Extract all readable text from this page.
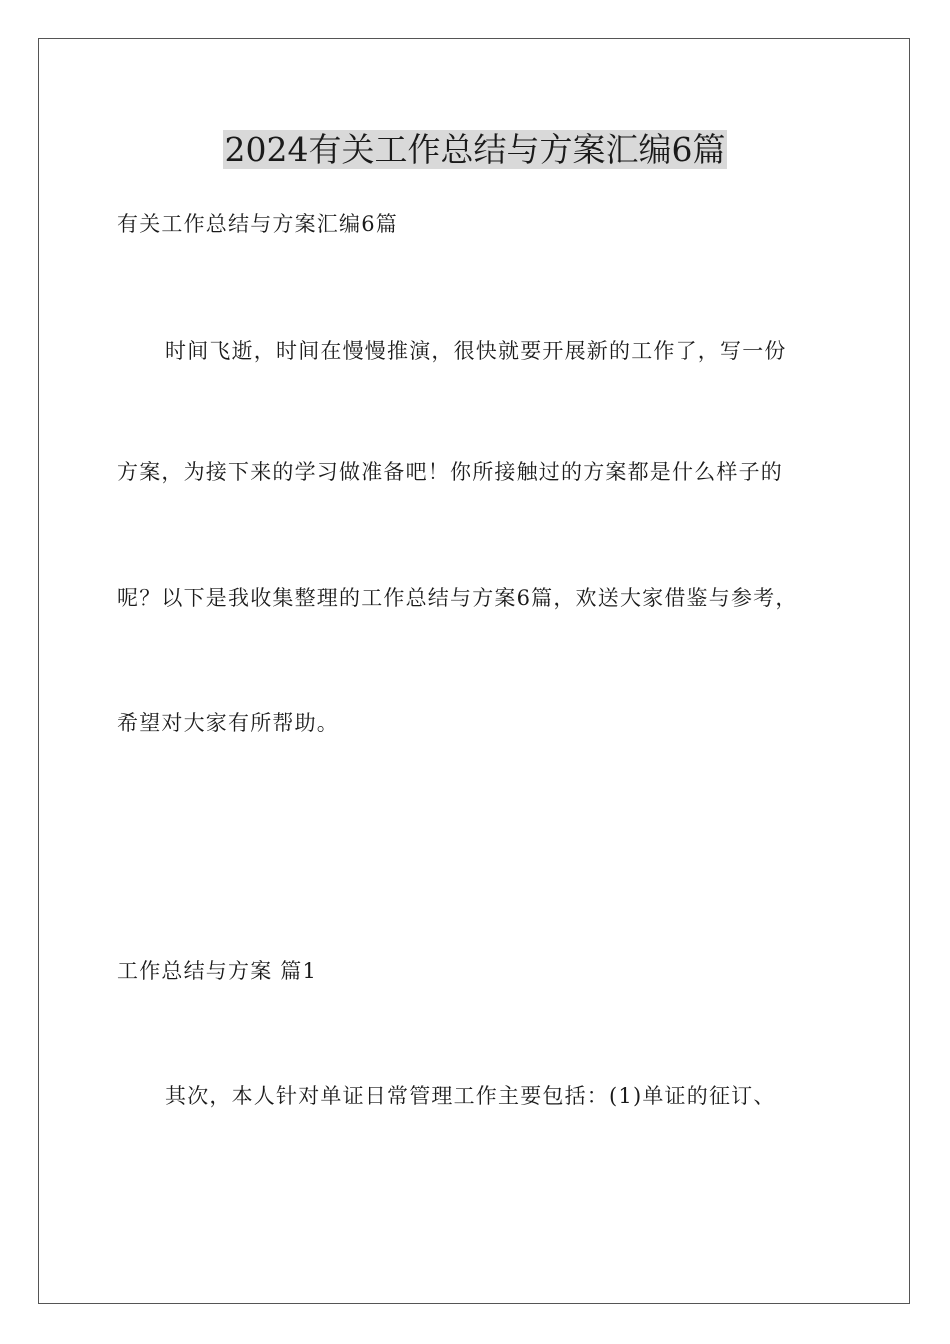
2024有关工作总结与方案汇编6篇

有关工作总结与方案汇编6篇

时间飞逝，时间在慢慢推演，很快就要开展新的工作了，写一份

方案，为接下来的学习做准备吧！你所接触过的方案都是什么样子的

呢？以下是我收集整理的工作总结与方案6篇，欢送大家借鉴与参考，

希望对大家有所帮助。

工作总结与方案 篇1

其次，本人针对单证日常管理工作主要包括：(1)单证的征订、
